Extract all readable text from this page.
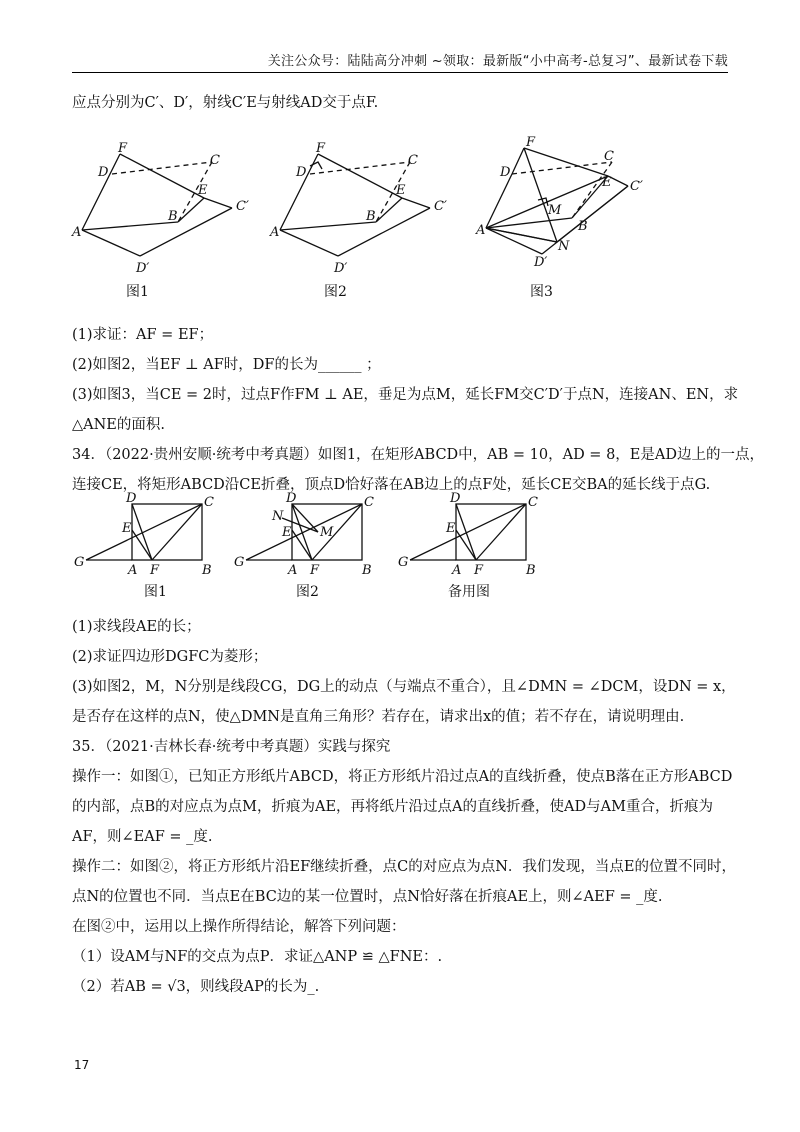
关注公众号：陆陆高分冲刺 ~领取：最新版“小中高考-总复习”、最新试卷下载

应点分别为C′、D′，射线C′E与射线AD交于点F.

F
D
C
E
C′
A
B
D′
图1
F
D
C
E
C′
A
B
D′
图2
F
D
C
E C′
M
A	B
N
D′
图3

(1)求证：AF = EF；

(2)如图2，当EF ⊥ AF时，DF的长为______ ；

(3)如图3，当CE = 2时，过点F作FM ⊥ AE，垂足为点M，延长FM交C′D′于点N，连接AN、EN，求

△ANE的面积.

34．（2022·贵州安顺·统考中考真题）如图1，在矩形ABCD中，AB = 10，AD = 8，E是AD边上的一点，

连接CE，将矩形ABCD沿CE折叠，顶点D恰好落在AB边上的点F处，延长CE交BA的延长线于点G.

D	C
E
G
A F	B
图1
D	C
N
E M
G
A F	B
图2
D	C
E
G
A F	B
备用图

(1)求线段AE的长；

(2)求证四边形DGFC为菱形；

(3)如图2，M，N分别是线段CG，DG上的动点（与端点不重合），且∠DMN = ∠DCM，设DN = x，

是否存在这样的点N，使△DMN是直角三角形？若存在，请求出x的值；若不存在，请说明理由.

35．（2021·吉林长春·统考中考真题）实践与探究

操作一：如图①，已知正方形纸片ABCD，将正方形纸片沿过点A的直线折叠，使点B落在正方形ABCD

的内部，点B的对应点为点M，折痕为AE，再将纸片沿过点A的直线折叠，使AD与AM重合，折痕为

AF，则∠EAF = _度.

操作二：如图②，将正方形纸片沿EF继续折叠，点C的对应点为点N．我们发现，当点E的位置不同时，

点N的位置也不同．当点E在BC边的某一位置时，点N恰好落在折痕AE上，则∠AEF = _度.

在图②中，运用以上操作所得结论，解答下列问题：

（1）设AM与NF的交点为点P．求证△ANP ≌ △FNE：.

（2）若AB = √3，则线段AP的长为_.

17
